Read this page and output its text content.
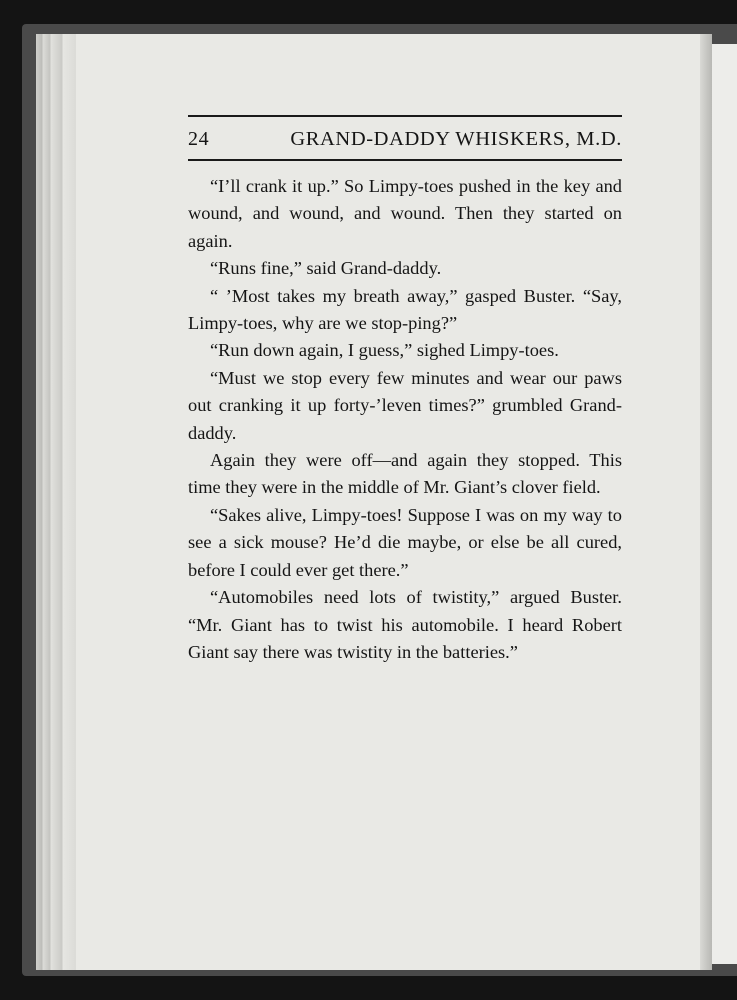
24	GRAND-DADDY WHISKERS, M.D.

“I’ll crank it up.” So Limpy-toes pushed in the key and wound, and wound, and wound. Then they started on again.

“Runs fine,” said Grand-daddy.

“ ’Most takes my breath away,” gasped Buster. “Say, Limpy-toes, why are we stop-ping?”

“Run down again, I guess,” sighed Limpy-toes.

“Must we stop every few minutes and wear our paws out cranking it up forty-’leven times?” grumbled Grand-daddy.

Again they were off—and again they stopped. This time they were in the middle of Mr. Giant’s clover field.

“Sakes alive, Limpy-toes! Suppose I was on my way to see a sick mouse? He’d die maybe, or else be all cured, before I could ever get there.”

“Automobiles need lots of twistity,” argued Buster. “Mr. Giant has to twist his automobile. I heard Robert Giant say there was twistity in the batteries.”
